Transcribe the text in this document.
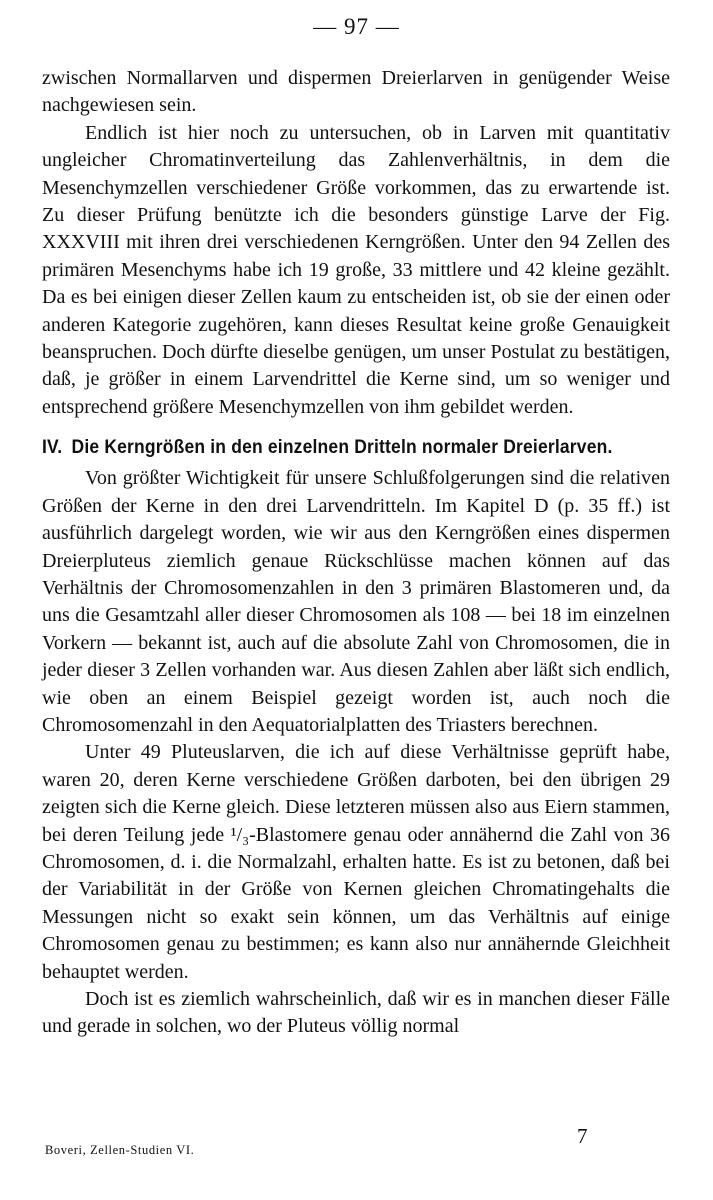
— 97 —

zwischen Normallarven und dispermen Dreierlarven in genügender Weise nachgewiesen sein.

Endlich ist hier noch zu untersuchen, ob in Larven mit quantitativ ungleicher Chromatinverteilung das Zahlenverhältnis, in dem die Mesenchymzellen verschiedener Größe vorkommen, das zu erwartende ist. Zu dieser Prüfung benützte ich die besonders günstige Larve der Fig. XXXVIII mit ihren drei verschiedenen Kerngrößen. Unter den 94 Zellen des primären Mesenchyms habe ich 19 große, 33 mittlere und 42 kleine gezählt. Da es bei einigen dieser Zellen kaum zu entscheiden ist, ob sie der einen oder anderen Kategorie zugehören, kann dieses Resultat keine große Genauigkeit beanspruchen. Doch dürfte dieselbe genügen, um unser Postulat zu bestätigen, daß, je größer in einem Larvendrittel die Kerne sind, um so weniger und entsprechend größere Mesenchymzellen von ihm gebildet werden.

IV. Die Kerngrößen in den einzelnen Dritteln normaler Dreierlarven.

Von größter Wichtigkeit für unsere Schlußfolgerungen sind die relativen Größen der Kerne in den drei Larvendritteln. Im Kapitel D (p. 35 ff.) ist ausführlich dargelegt worden, wie wir aus den Kerngrößen eines dispermen Dreierpluteus ziemlich genaue Rückschlüsse machen können auf das Verhältnis der Chromosomenzahlen in den 3 primären Blastomeren und, da uns die Gesamtzahl aller dieser Chromosomen als 108 — bei 18 im einzelnen Vorkern — bekannt ist, auch auf die absolute Zahl von Chromosomen, die in jeder dieser 3 Zellen vorhanden war. Aus diesen Zahlen aber läßt sich endlich, wie oben an einem Beispiel gezeigt worden ist, auch noch die Chromosomenzahl in den Aequatorialplatten des Triasters berechnen.

Unter 49 Pluteuslarven, die ich auf diese Verhältnisse geprüft habe, waren 20, deren Kerne verschiedene Größen darboten, bei den übrigen 29 zeigten sich die Kerne gleich. Diese letzteren müssen also aus Eiern stammen, bei deren Teilung jede ¹/₃-Blastomere genau oder annähernd die Zahl von 36 Chromosomen, d. i. die Normalzahl, erhalten hatte. Es ist zu betonen, daß bei der Variabilität in der Größe von Kernen gleichen Chromatingehalts die Messungen nicht so exakt sein können, um das Verhältnis auf einige Chromosomen genau zu bestimmen; es kann also nur annähernde Gleichheit behauptet werden.

Doch ist es ziemlich wahrscheinlich, daß wir es in manchen dieser Fälle und gerade in solchen, wo der Pluteus völlig normal

Boveri, Zellen-Studien VI.
7
